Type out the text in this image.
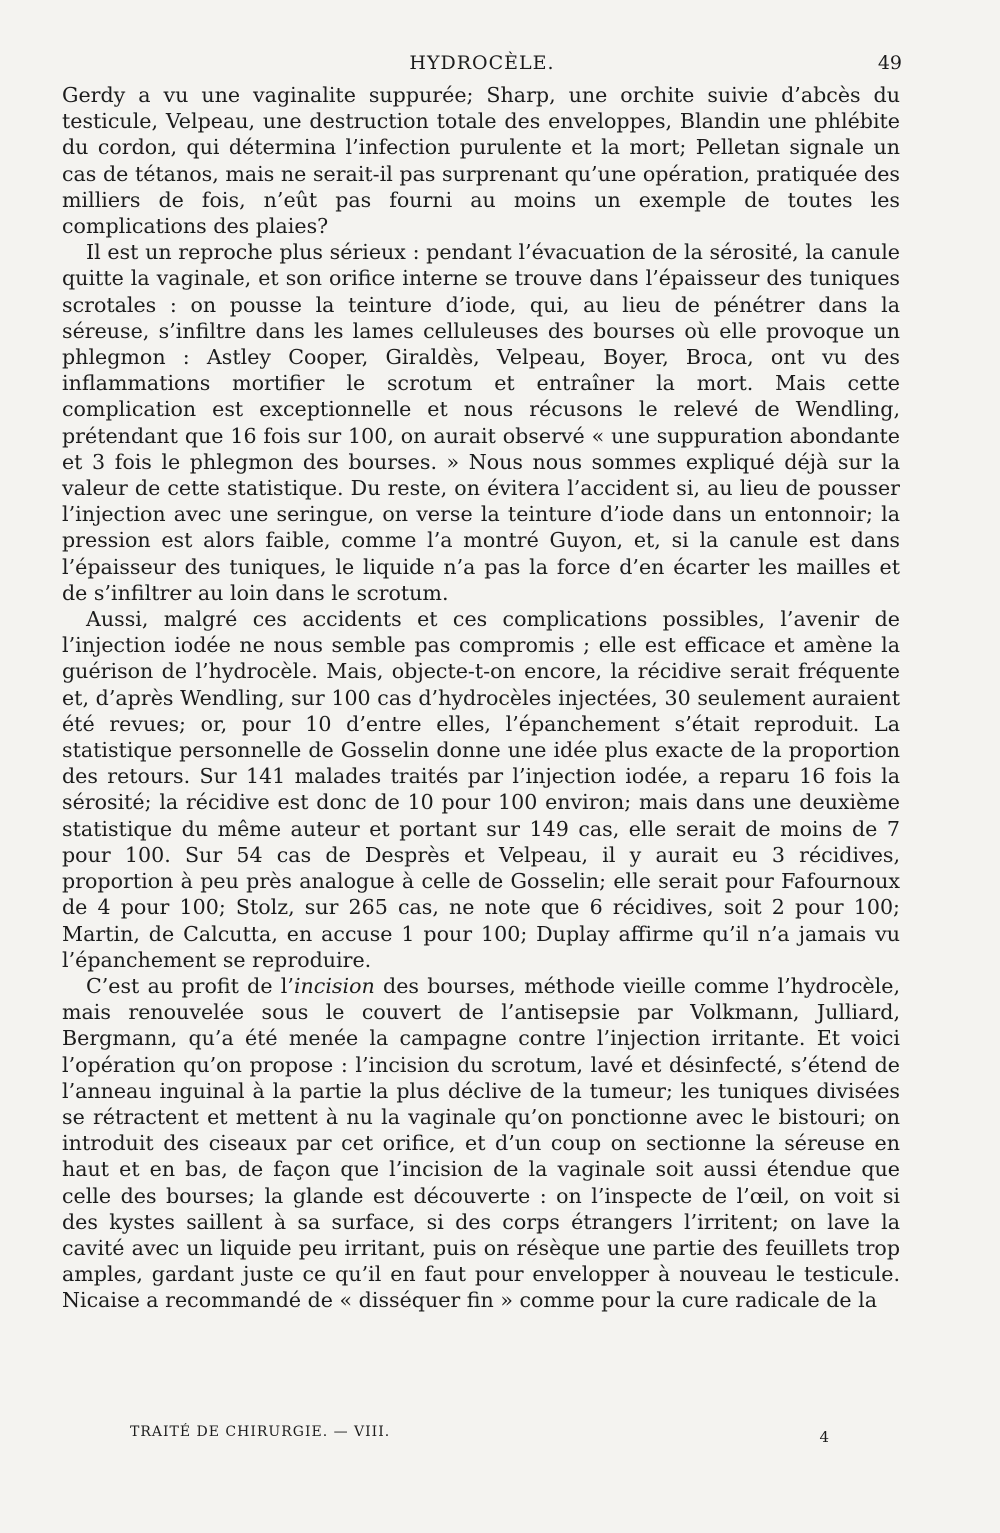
HYDROCÈLE.	49

Gerdy a vu une vaginalite suppurée; Sharp, une orchite suivie d’abcès du testicule, Velpeau, une destruction totale des enveloppes, Blandin une phlébite du cordon, qui détermina l’infection purulente et la mort; Pelletan signale un cas de tétanos, mais ne serait-il pas surprenant qu’une opération, pratiquée des milliers de fois, n’eût pas fourni au moins un exemple de toutes les complications des plaies?

Il est un reproche plus sérieux : pendant l’évacuation de la sérosité, la canule quitte la vaginale, et son orifice interne se trouve dans l’épaisseur des tuniques scrotales : on pousse la teinture d’iode, qui, au lieu de pénétrer dans la séreuse, s’infiltre dans les lames celluleuses des bourses où elle provoque un phlegmon : Astley Cooper, Giraldès, Velpeau, Boyer, Broca, ont vu des inflammations mortifier le scrotum et entraîner la mort. Mais cette complication est exceptionnelle et nous récusons le relevé de Wendling, prétendant que 16 fois sur 100, on aurait observé « une suppuration abondante et 3 fois le phlegmon des bourses. » Nous nous sommes expliqué déjà sur la valeur de cette statistique. Du reste, on évitera l’accident si, au lieu de pousser l’injection avec une seringue, on verse la teinture d’iode dans un entonnoir; la pression est alors faible, comme l’a montré Guyon, et, si la canule est dans l’épaisseur des tuniques, le liquide n’a pas la force d’en écarter les mailles et de s’infiltrer au loin dans le scrotum.

Aussi, malgré ces accidents et ces complications possibles, l’avenir de l’injection iodée ne nous semble pas compromis ; elle est efficace et amène la guérison de l’hydrocèle. Mais, objecte-t-on encore, la récidive serait fréquente et, d’après Wendling, sur 100 cas d’hydrocèles injectées, 30 seulement auraient été revues; or, pour 10 d’entre elles, l’épanchement s’était reproduit. La statistique personnelle de Gosselin donne une idée plus exacte de la proportion des retours. Sur 141 malades traités par l’injection iodée, a reparu 16 fois la sérosité; la récidive est donc de 10 pour 100 environ; mais dans une deuxième statistique du même auteur et portant sur 149 cas, elle serait de moins de 7 pour 100. Sur 54 cas de Desprès et Velpeau, il y aurait eu 3 récidives, proportion à peu près analogue à celle de Gosselin; elle serait pour Fafournoux de 4 pour 100; Stolz, sur 265 cas, ne note que 6 récidives, soit 2 pour 100; Martin, de Calcutta, en accuse 1 pour 100; Duplay affirme qu’il n’a jamais vu l’épanchement se reproduire.

C’est au profit de l’incision des bourses, méthode vieille comme l’hydrocèle, mais renouvelée sous le couvert de l’antisepsie par Volkmann, Julliard, Bergmann, qu’a été menée la campagne contre l’injection irritante. Et voici l’opération qu’on propose : l’incision du scrotum, lavé et désinfecté, s’étend de l’anneau inguinal à la partie la plus déclive de la tumeur; les tuniques divisées se rétractent et mettent à nu la vaginale qu’on ponctionne avec le bistouri; on introduit des ciseaux par cet orifice, et d’un coup on sectionne la séreuse en haut et en bas, de façon que l’incision de la vaginale soit aussi étendue que celle des bourses; la glande est découverte : on l’inspecte de l’œil, on voit si des kystes saillent à sa surface, si des corps étrangers l’irritent; on lave la cavité avec un liquide peu irritant, puis on résèque une partie des feuillets trop amples, gardant juste ce qu’il en faut pour envelopper à nouveau le testicule. Nicaise a recommandé de « disséquer fin » comme pour la cure radicale de la

TRAITÉ DE CHIRURGIE. — VIII.	4
